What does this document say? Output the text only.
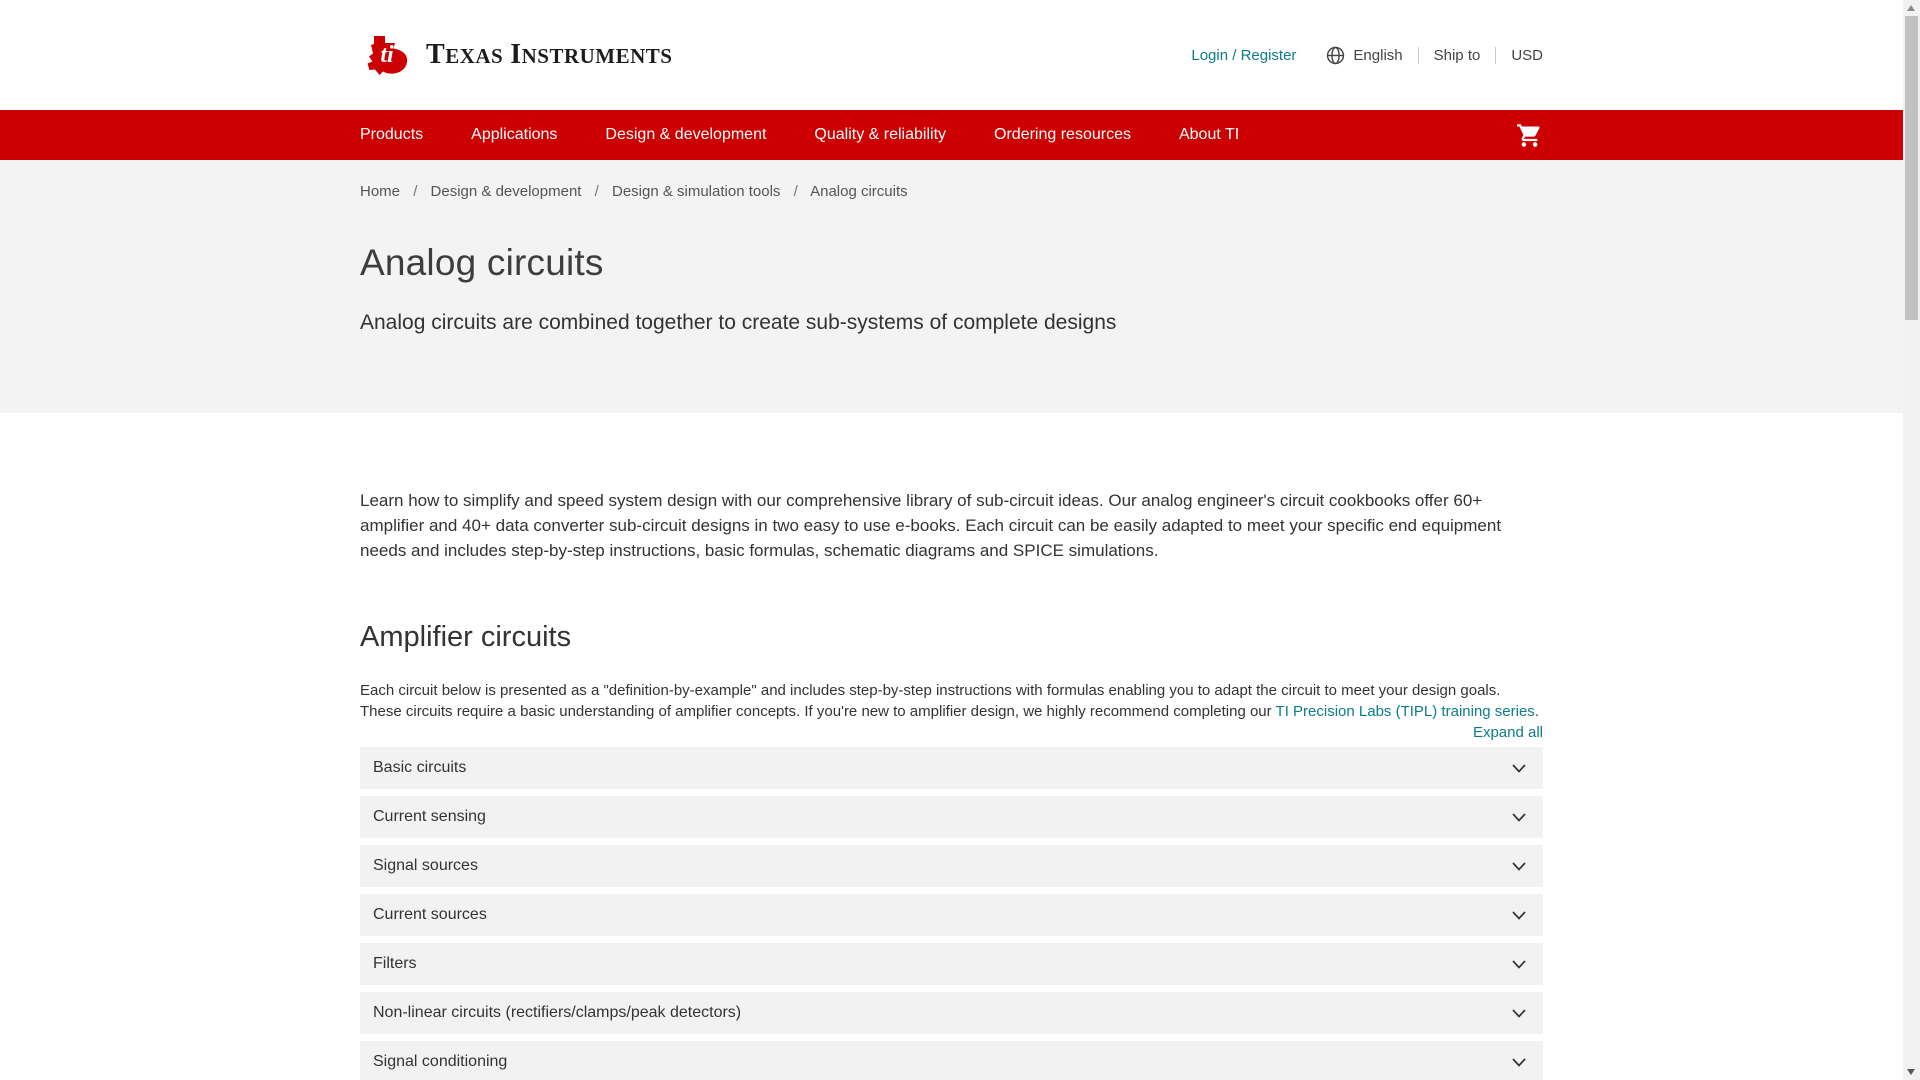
ti TEXAS INSTRUMENTS	Login / Register	English Ship to USD
Products	Applications	Design & development	Quality & reliability	Ordering resources	About TI
Home / Design & development / Design & simulation tools / Analog circuits
Analog circuits

Analog circuits are combined together to create sub-systems of complete designs

Learn how to simplify and speed system design with our comprehensive library of sub-circuit ideas. Our analog engineer's circuit cookbooks offer 60+ amplifier and 40+ data converter sub-circuit designs in two easy to use e-books. Each circuit can be easily adapted to meet your specific end equipment needs and includes step-by-step instructions, basic formulas, schematic diagrams and SPICE simulations.

Amplifier circuits

Each circuit below is presented as a "definition-by-example" and includes step-by-step instructions with formulas enabling you to adapt the circuit to meet your design goals. These circuits require a basic understanding of amplifier concepts. If you're new to amplifier design, we highly recommend completing our TI Precision Labs (TIPL) training series.

Expand all
Basic circuits
Current sensing
Signal sources
Current sources
Filters
Non-linear circuits (rectifiers/clamps/peak detectors)
Signal conditioning
